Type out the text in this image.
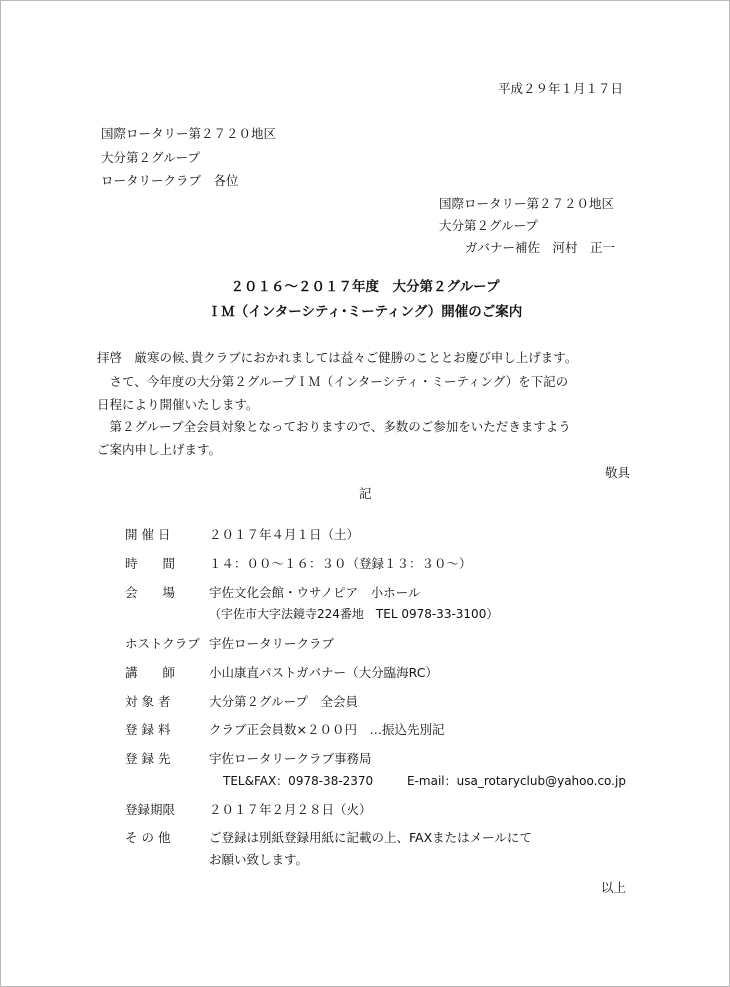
平成２９年１月１７日
国際ロータリー第２７２０地区
大分第２グループ
ロータリークラブ　各位
国際ロータリー第２７２０地区
大分第２グループ
ガバナー補佐　河村　正一
２０１６～２０１７年度　大分第２グループ
ＩＭ（インターシティ･ミーティング）開催のご案内
拝啓　厳寒の候､貴クラブにおかれましては益々ご健勝のこととお慶び申し上げます。
　さて、今年度の大分第２グループＩＭ（インターシティ・ミーティング）を下記の
日程により開催いたします。
　第２グループ全会員対象となっておりますので、多数のご参加をいただきますよう
ご案内申し上げます。
敬具
記
開 催 日	２０１７年４月１日（土）
時　　間	１４：００～１６：３０（登録１３：３０～）
会　　場	宇佐文化会館・ウサノピア　小ホール
（宇佐市大字法鏡寺224番地　TEL 0978-33-3100）
ホストクラブ 宇佐ロータリークラブ
講　　師	小山康直パストガバナー（大分臨海RC）
対 象 者	大分第２グループ　全会員
登 録 料	クラブ正会員数×２００円　…振込先別記
登 録 先	宇佐ロータリークラブ事務局
TEL&FAX：0978-38-2370	E-mail：usa_rotaryclub@yahoo.co.jp
登録期限	２０１７年２月２８日（火）
そ の 他	ご登録は別紙登録用紙に記載の上、FAXまたはメールにて
お願い致します。
以上
